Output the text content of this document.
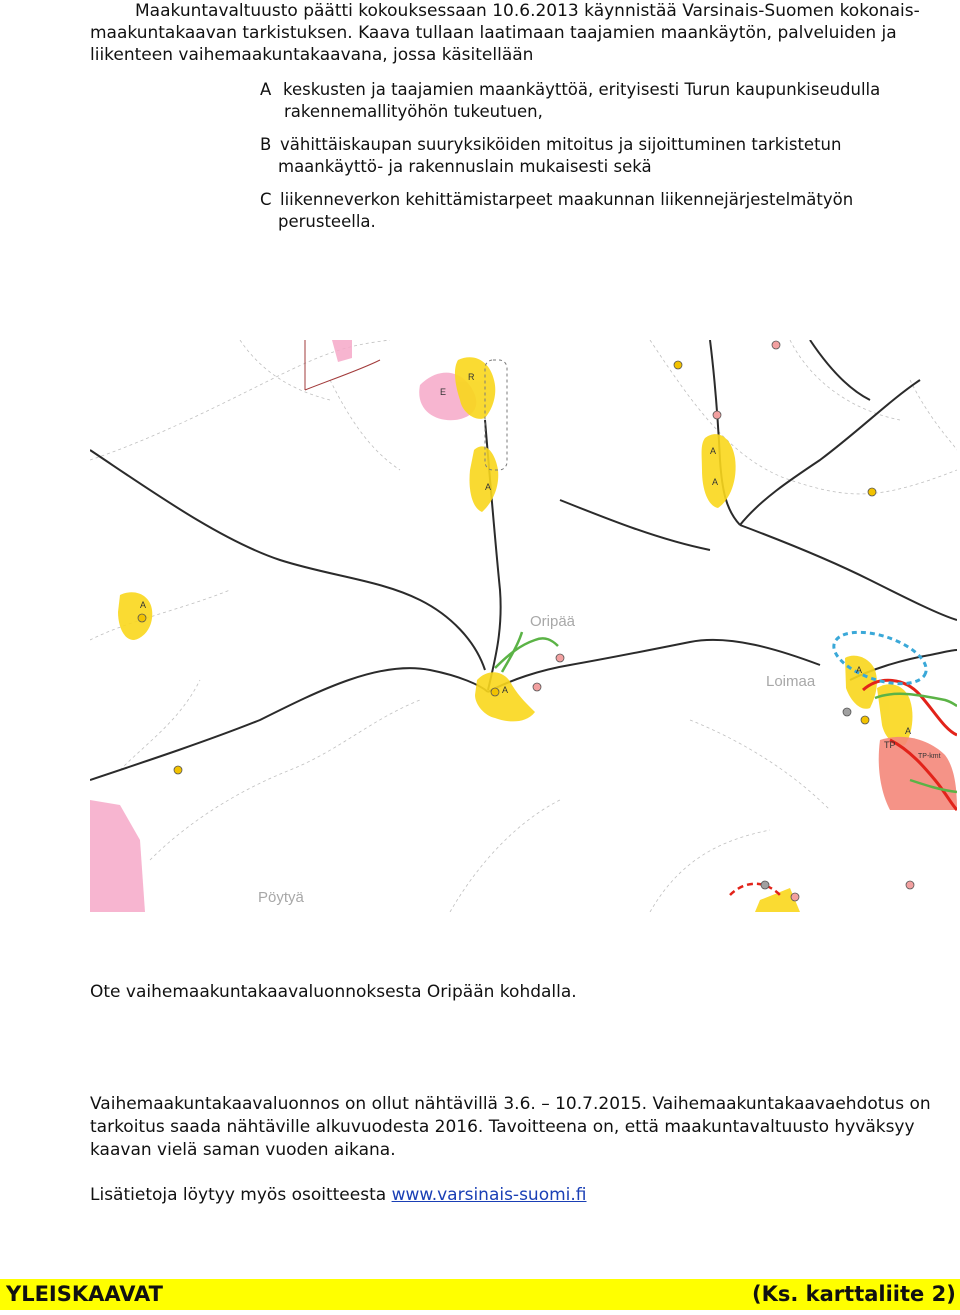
Maakuntavaltuusto päätti kokouksessaan 10.6.2013 käynnistää Varsinais-Suomen kokonais-
maakuntakaavan tarkistuksen. Kaava tullaan laatimaan taajamien maankäytön, palveluiden ja
liikenteen vaihemaakuntakaavana, jossa käsitellään
A keskusten ja taajamien maankäyttöä, erityisesti Turun kaupunkiseudulla
rakennemallityöhön tukeutuen,
B vähittäiskaupan suuryksiköiden mitoitus ja sijoittuminen tarkistetun
maankäyttö- ja rakennuslain mukaisesti sekä
C liikenneverkon kehittämistarpeet maakunnan liikennejärjestelmätyön
perusteella.
E
R
A
A
A
A
A
A
A
TP
TP-kmt
Oripää
Loimaa
Pöytyä
Ote vaihemaakuntakaavaluonnoksesta Oripään kohdalla.
Vaihemaakuntakaavaluonnos on ollut nähtävillä 3.6. – 10.7.2015. Vaihemaakuntakaavaehdotus on
tarkoitus saada nähtäville alkuvuodesta 2016. Tavoitteena on, että maakuntavaltuusto hyväksyy
kaavan vielä saman vuoden aikana.
Lisätietoja löytyy myös osoitteesta www.varsinais-suomi.fi
YLEISKAAVAT	(Ks. karttaliite 2)
